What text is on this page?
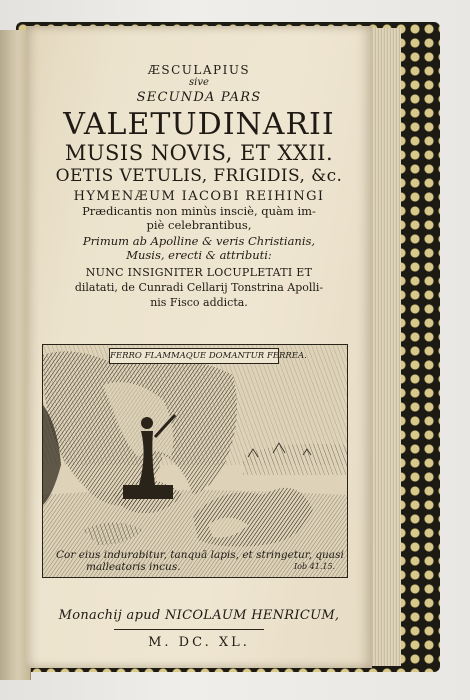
ÆSCULAPIUS
sive
SECUNDA PARS
VALETUDINARII
MUSIS NOVIS, ET XXII.
OETIS VETULIS, FRIGIDIS, &c.
HYMENÆUM IACOBI REIHINGI
Prædicantis non minùs insciè, quàm im-
piè celebrantibus,
Primum ab Apolline & veris Christianis,
Musis, erecti & attributi:
NUNC INSIGNITER LOCUPLETATI ET
dilatati, de Cunradi Cellarij Tonstrina Apolli-
nis Fisco addicta.
FERRO FLAMMAQUE DOMANTUR FERREA.
Cor eius indurabitur, tanquā lapis, et stringetur, quasi
malleatoris incus.	Iob 41.15.
Monachij apud NICOLAUM HENRICUM,
M. DC. XL.
